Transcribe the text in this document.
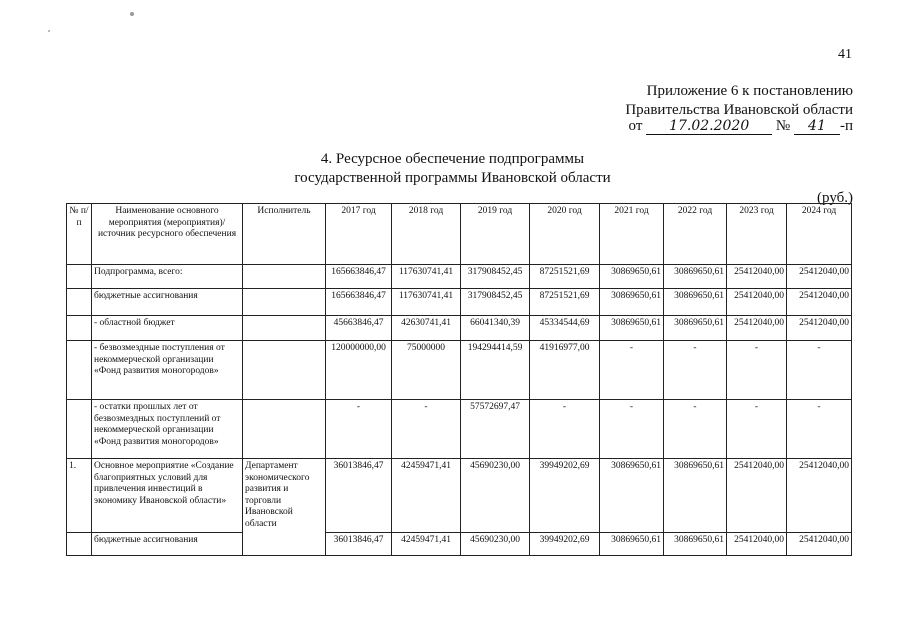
41
Приложение 6 к постановлению
Правительства Ивановской области
от 17.02.2020 № 41 -п
4. Ресурсное обеспечение подпрограммы
государственной программы Ивановской области
(руб.)
№ п/п	Наименование основного мероприятия (мероприятия)/источник ресурсного обеспечения	Исполнитель	2017 год	2018 год	2019 год	2020 год	2021 год	2022 год	2023 год	2024 год
	Подпрограмма, всего:		165663846,47	117630741,41	317908452,45	87251521,69	30869650,61	30869650,61	25412040,00	25412040,00
	бюджетные ассигнования		165663846,47	117630741,41	317908452,45	87251521,69	30869650,61	30869650,61	25412040,00	25412040,00
	- областной бюджет		45663846,47	42630741,41	66041340,39	45334544,69	30869650,61	30869650,61	25412040,00	25412040,00
	- безвозмездные поступления от некоммерческой организации «Фонд развития моногородов»		120000000,00	75000000	194294414,59	41916977,00	-	-	-	-
	- остатки прошлых лет от безвозмездных поступлений от некоммерческой организации «Фонд развития моногородов»		-	-	57572697,47	-	-	-	-	-
1.	Основное мероприятие «Создание благоприятных условий для привлечения инвестиций в экономику Ивановской области»	Департамент экономического развития и торговли Ивановской области	36013846,47	42459471,41	45690230,00	39949202,69	30869650,61	30869650,61	25412040,00	25412040,00
	бюджетные ассигнования		36013846,47	42459471,41	45690230,00	39949202,69	30869650,61	30869650,61	25412040,00	25412040,00
